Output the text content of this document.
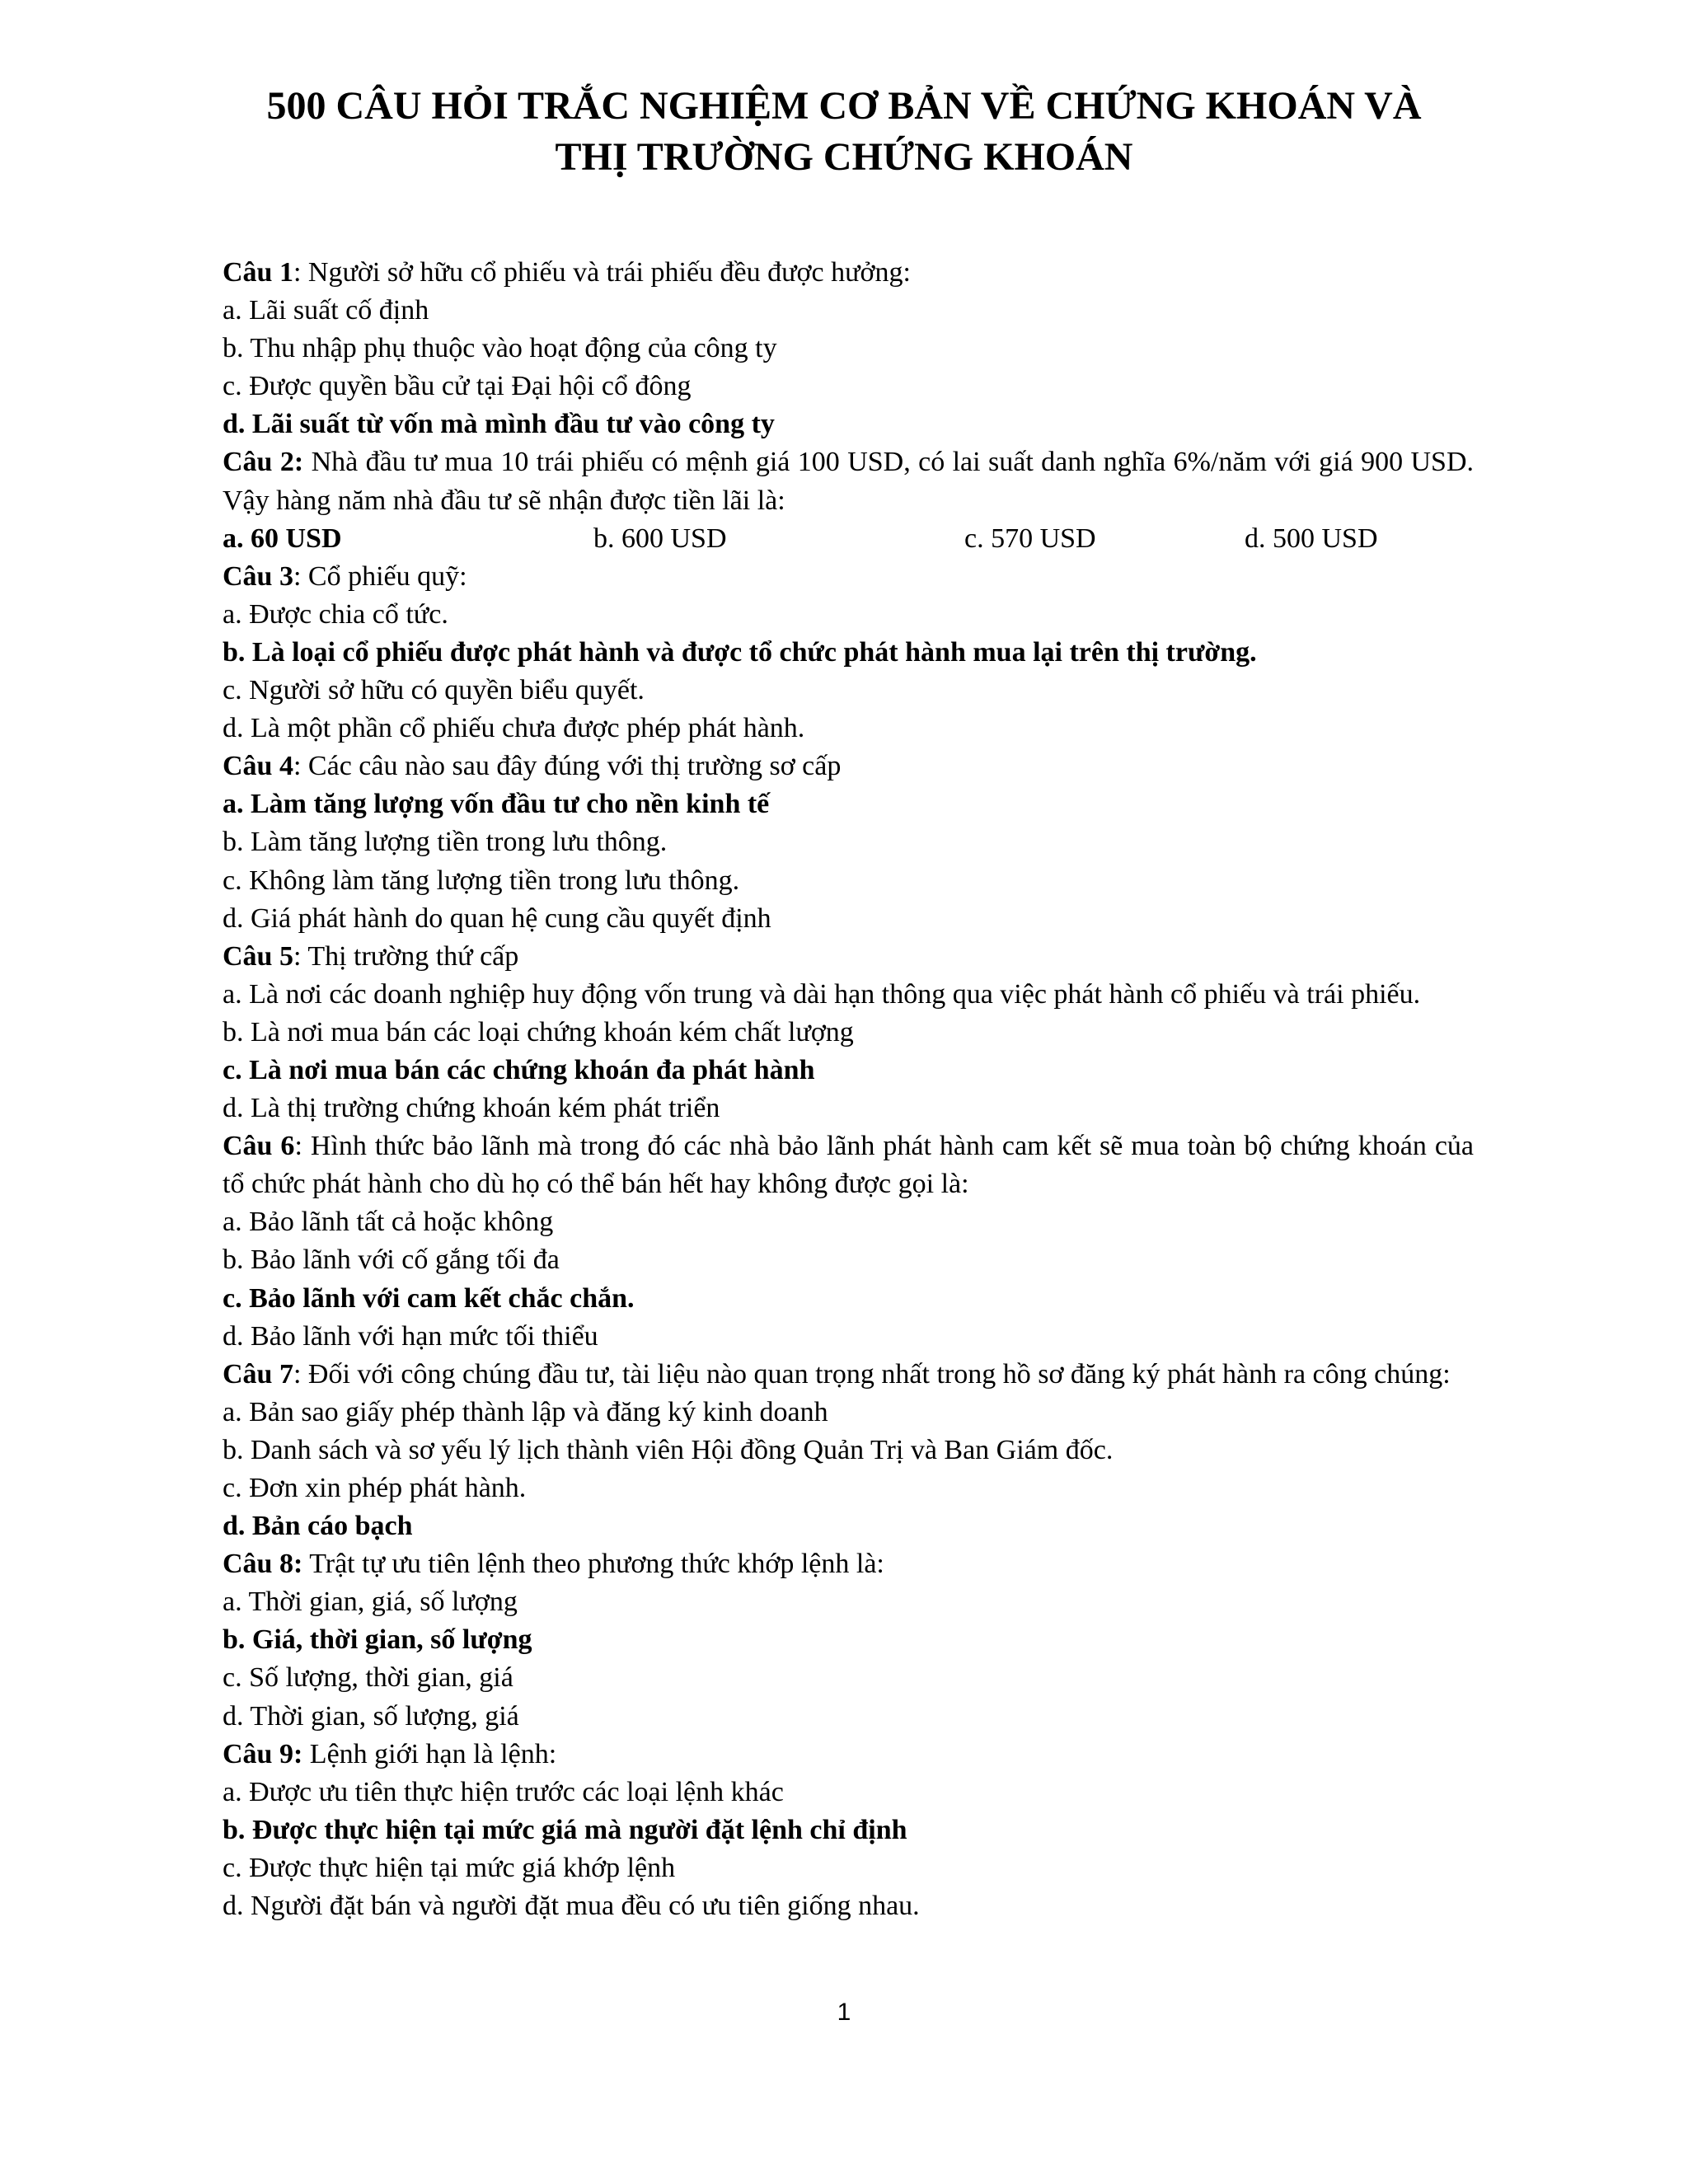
500 CÂU HỎI TRẮC NGHIỆM CƠ BẢN VỀ CHỨNG KHOÁN VÀ
THỊ TRƯỜNG CHỨNG KHOÁN

Câu 1: Người sở hữu cổ phiếu và trái phiếu đều được hưởng:

a. Lãi suất cố định

b. Thu nhập phụ thuộc vào hoạt động của công ty

c. Được quyền bầu cử tại Đại hội cổ đông

d. Lãi suất từ vốn mà mình đầu tư vào công ty

Câu 2: Nhà đầu tư mua 10 trái phiếu có mệnh giá 100 USD, có lai suất danh nghĩa 6%/năm với giá 900 USD. Vậy hàng năm nhà đầu tư sẽ nhận được tiền lãi là:

a. 60 USD	b. 600 USD	c. 570 USD	d. 500 USD

Câu 3: Cổ phiếu quỹ:

a. Được chia cổ tức.

b. Là loại cổ phiếu được phát hành và được tổ chức phát hành mua lại trên thị trường.

c. Người sở hữu có quyền biểu quyết.

d. Là một phần cổ phiếu chưa được phép phát hành.

Câu 4: Các câu nào sau đây đúng với thị trường sơ cấp

a. Làm tăng lượng vốn đầu tư cho nền kinh tế

b. Làm tăng lượng tiền trong lưu thông.

c. Không làm tăng lượng tiền trong lưu thông.

d. Giá phát hành do quan hệ cung cầu quyết định

Câu 5: Thị trường thứ cấp

a. Là nơi các doanh nghiệp huy động vốn trung và dài hạn thông qua việc phát hành cổ phiếu và trái phiếu.

b. Là nơi mua bán các loại chứng khoán kém chất lượng

c. Là nơi mua bán các chứng khoán đa phát hành

d. Là thị trường chứng khoán kém phát triển

Câu 6: Hình thức bảo lãnh mà trong đó các nhà bảo lãnh phát hành cam kết sẽ mua toàn bộ chứng khoán của tổ chức phát hành cho dù họ có thể bán hết hay không được gọi là:

a. Bảo lãnh tất cả hoặc không

b. Bảo lãnh với cố gắng tối đa

c. Bảo lãnh với cam kết chắc chắn.

d. Bảo lãnh với hạn mức tối thiểu

Câu 7: Đối với công chúng đầu tư, tài liệu nào quan trọng nhất trong hồ sơ đăng ký phát hành ra công chúng:

a. Bản sao giấy phép thành lập và đăng ký kinh doanh

b. Danh sách và sơ yếu lý lịch thành viên Hội đồng Quản Trị và Ban Giám đốc.

c. Đơn xin phép phát hành.

d. Bản cáo bạch

Câu 8: Trật tự ưu tiên lệnh theo phương thức khớp lệnh là:

a. Thời gian, giá, số lượng

b. Giá, thời gian, số lượng

c. Số lượng, thời gian, giá

d. Thời gian, số lượng, giá

Câu 9: Lệnh giới hạn là lệnh:

a. Được ưu tiên thực hiện trước các loại lệnh khác

b. Được thực hiện tại mức giá mà người đặt lệnh chỉ định

c. Được thực hiện tại mức giá khớp lệnh

d. Người đặt bán và người đặt mua đều có ưu tiên giống nhau.

1
